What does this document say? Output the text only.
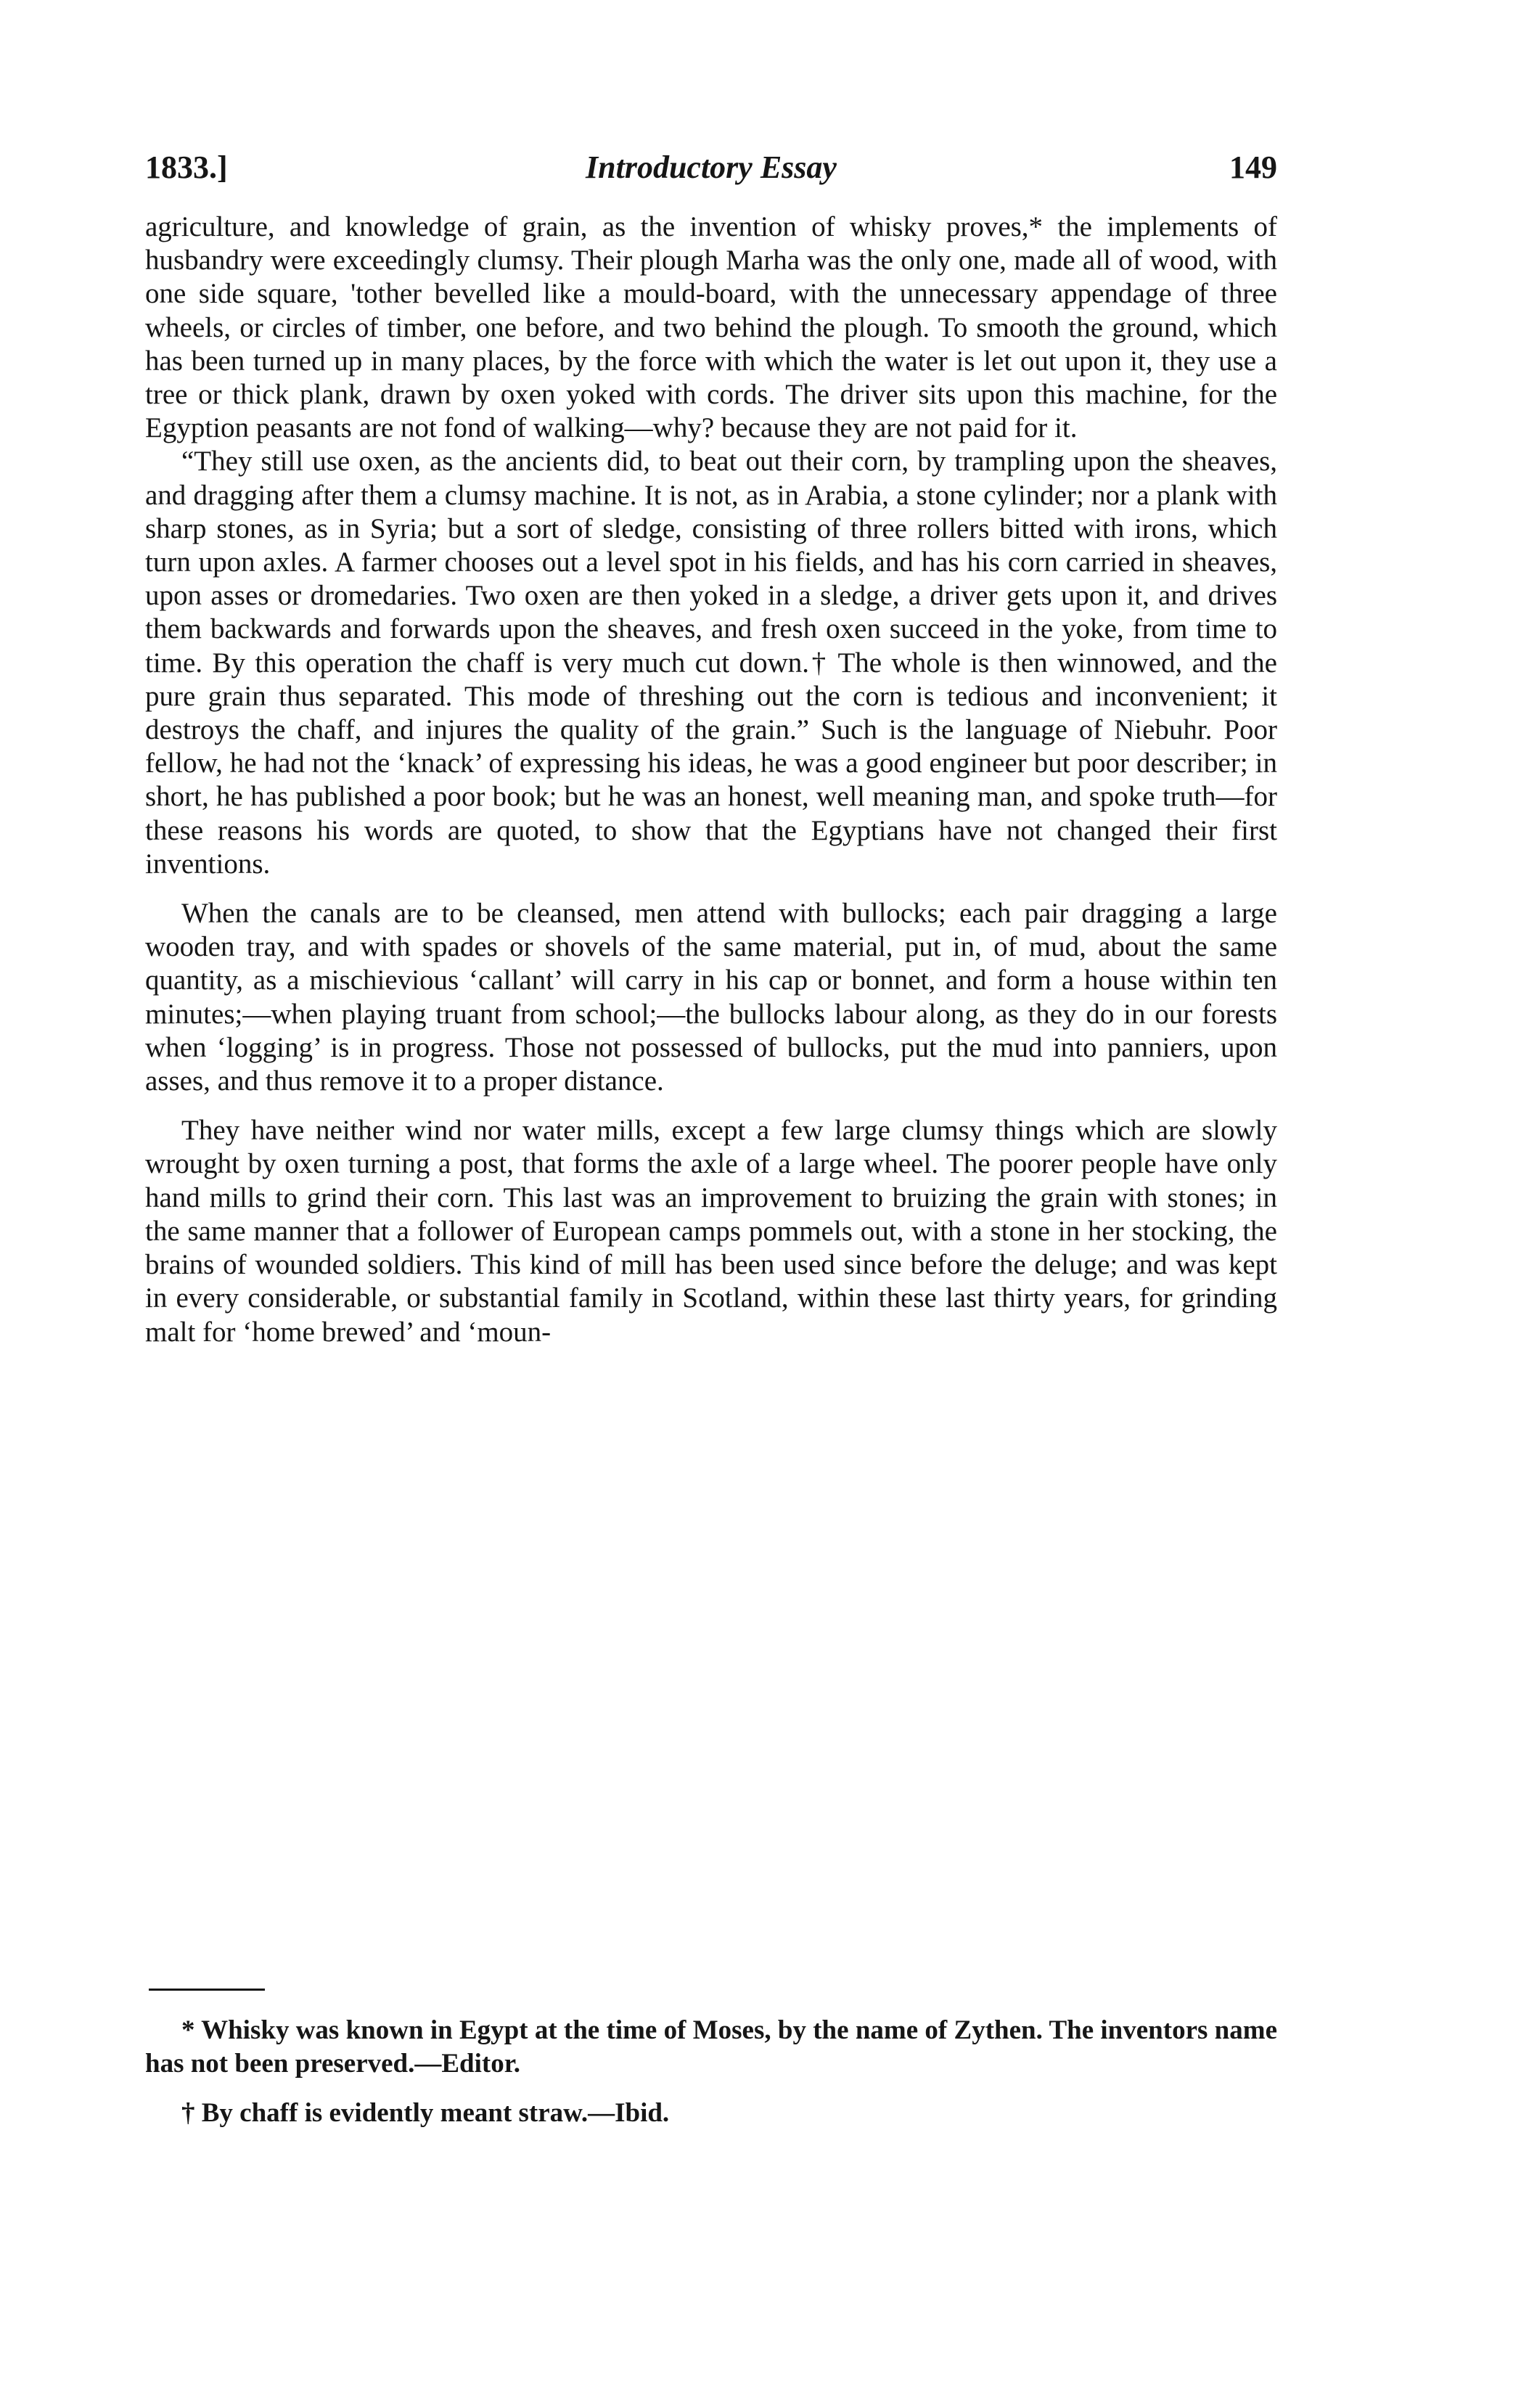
1833.]	Introductory Essay	149

agriculture, and knowledge of grain, as the invention of whisky proves,* the implements of husbandry were exceedingly clumsy. Their plough Marha was the only one, made all of wood, with one side square, 'tother bevelled like a mould-board, with the unnecessary appendage of three wheels, or circles of timber, one before, and two behind the plough. To smooth the ground, which has been turned up in many places, by the force with which the water is let out upon it, they use a tree or thick plank, drawn by oxen yoked with cords. The driver sits upon this machine, for the Egyption peasants are not fond of walking—why? because they are not paid for it.

“They still use oxen, as the ancients did, to beat out their corn, by trampling upon the sheaves, and dragging after them a clumsy machine. It is not, as in Arabia, a stone cylinder; nor a plank with sharp stones, as in Syria; but a sort of sledge, consisting of three rollers bitted with irons, which turn upon axles. A farmer chooses out a level spot in his fields, and has his corn carried in sheaves, upon asses or dromedaries. Two oxen are then yoked in a sledge, a driver gets upon it, and drives them backwards and forwards upon the sheaves, and fresh oxen succeed in the yoke, from time to time. By this operation the chaff is very much cut down.† The whole is then winnowed, and the pure grain thus separated. This mode of threshing out the corn is tedious and inconvenient; it destroys the chaff, and injures the quality of the grain.” Such is the language of Niebuhr. Poor fellow, he had not the ‘knack’ of expressing his ideas, he was a good engineer but poor describer; in short, he has published a poor book; but he was an honest, well meaning man, and spoke truth—for these reasons his words are quoted, to show that the Egyptians have not changed their first inventions.

When the canals are to be cleansed, men attend with bullocks; each pair dragging a large wooden tray, and with spades or shovels of the same material, put in, of mud, about the same quantity, as a mischievious ‘callant’ will carry in his cap or bonnet, and form a house within ten minutes;—when playing truant from school;—the bullocks labour along, as they do in our forests when ‘logging’ is in progress. Those not possessed of bullocks, put the mud into panniers, upon asses, and thus remove it to a proper distance.

They have neither wind nor water mills, except a few large clumsy things which are slowly wrought by oxen turning a post, that forms the axle of a large wheel. The poorer people have only hand mills to grind their corn. This last was an improvement to bruizing the grain with stones; in the same manner that a follower of European camps pommels out, with a stone in her stocking, the brains of wounded soldiers. This kind of mill has been used since before the deluge; and was kept in every considerable, or substantial family in Scotland, within these last thirty years, for grinding malt for ‘home brewed’ and ‘moun-

* Whisky was known in Egypt at the time of Moses, by the name of Zythen. The inventors name has not been preserved.—Editor.

† By chaff is evidently meant straw.—Ibid.
